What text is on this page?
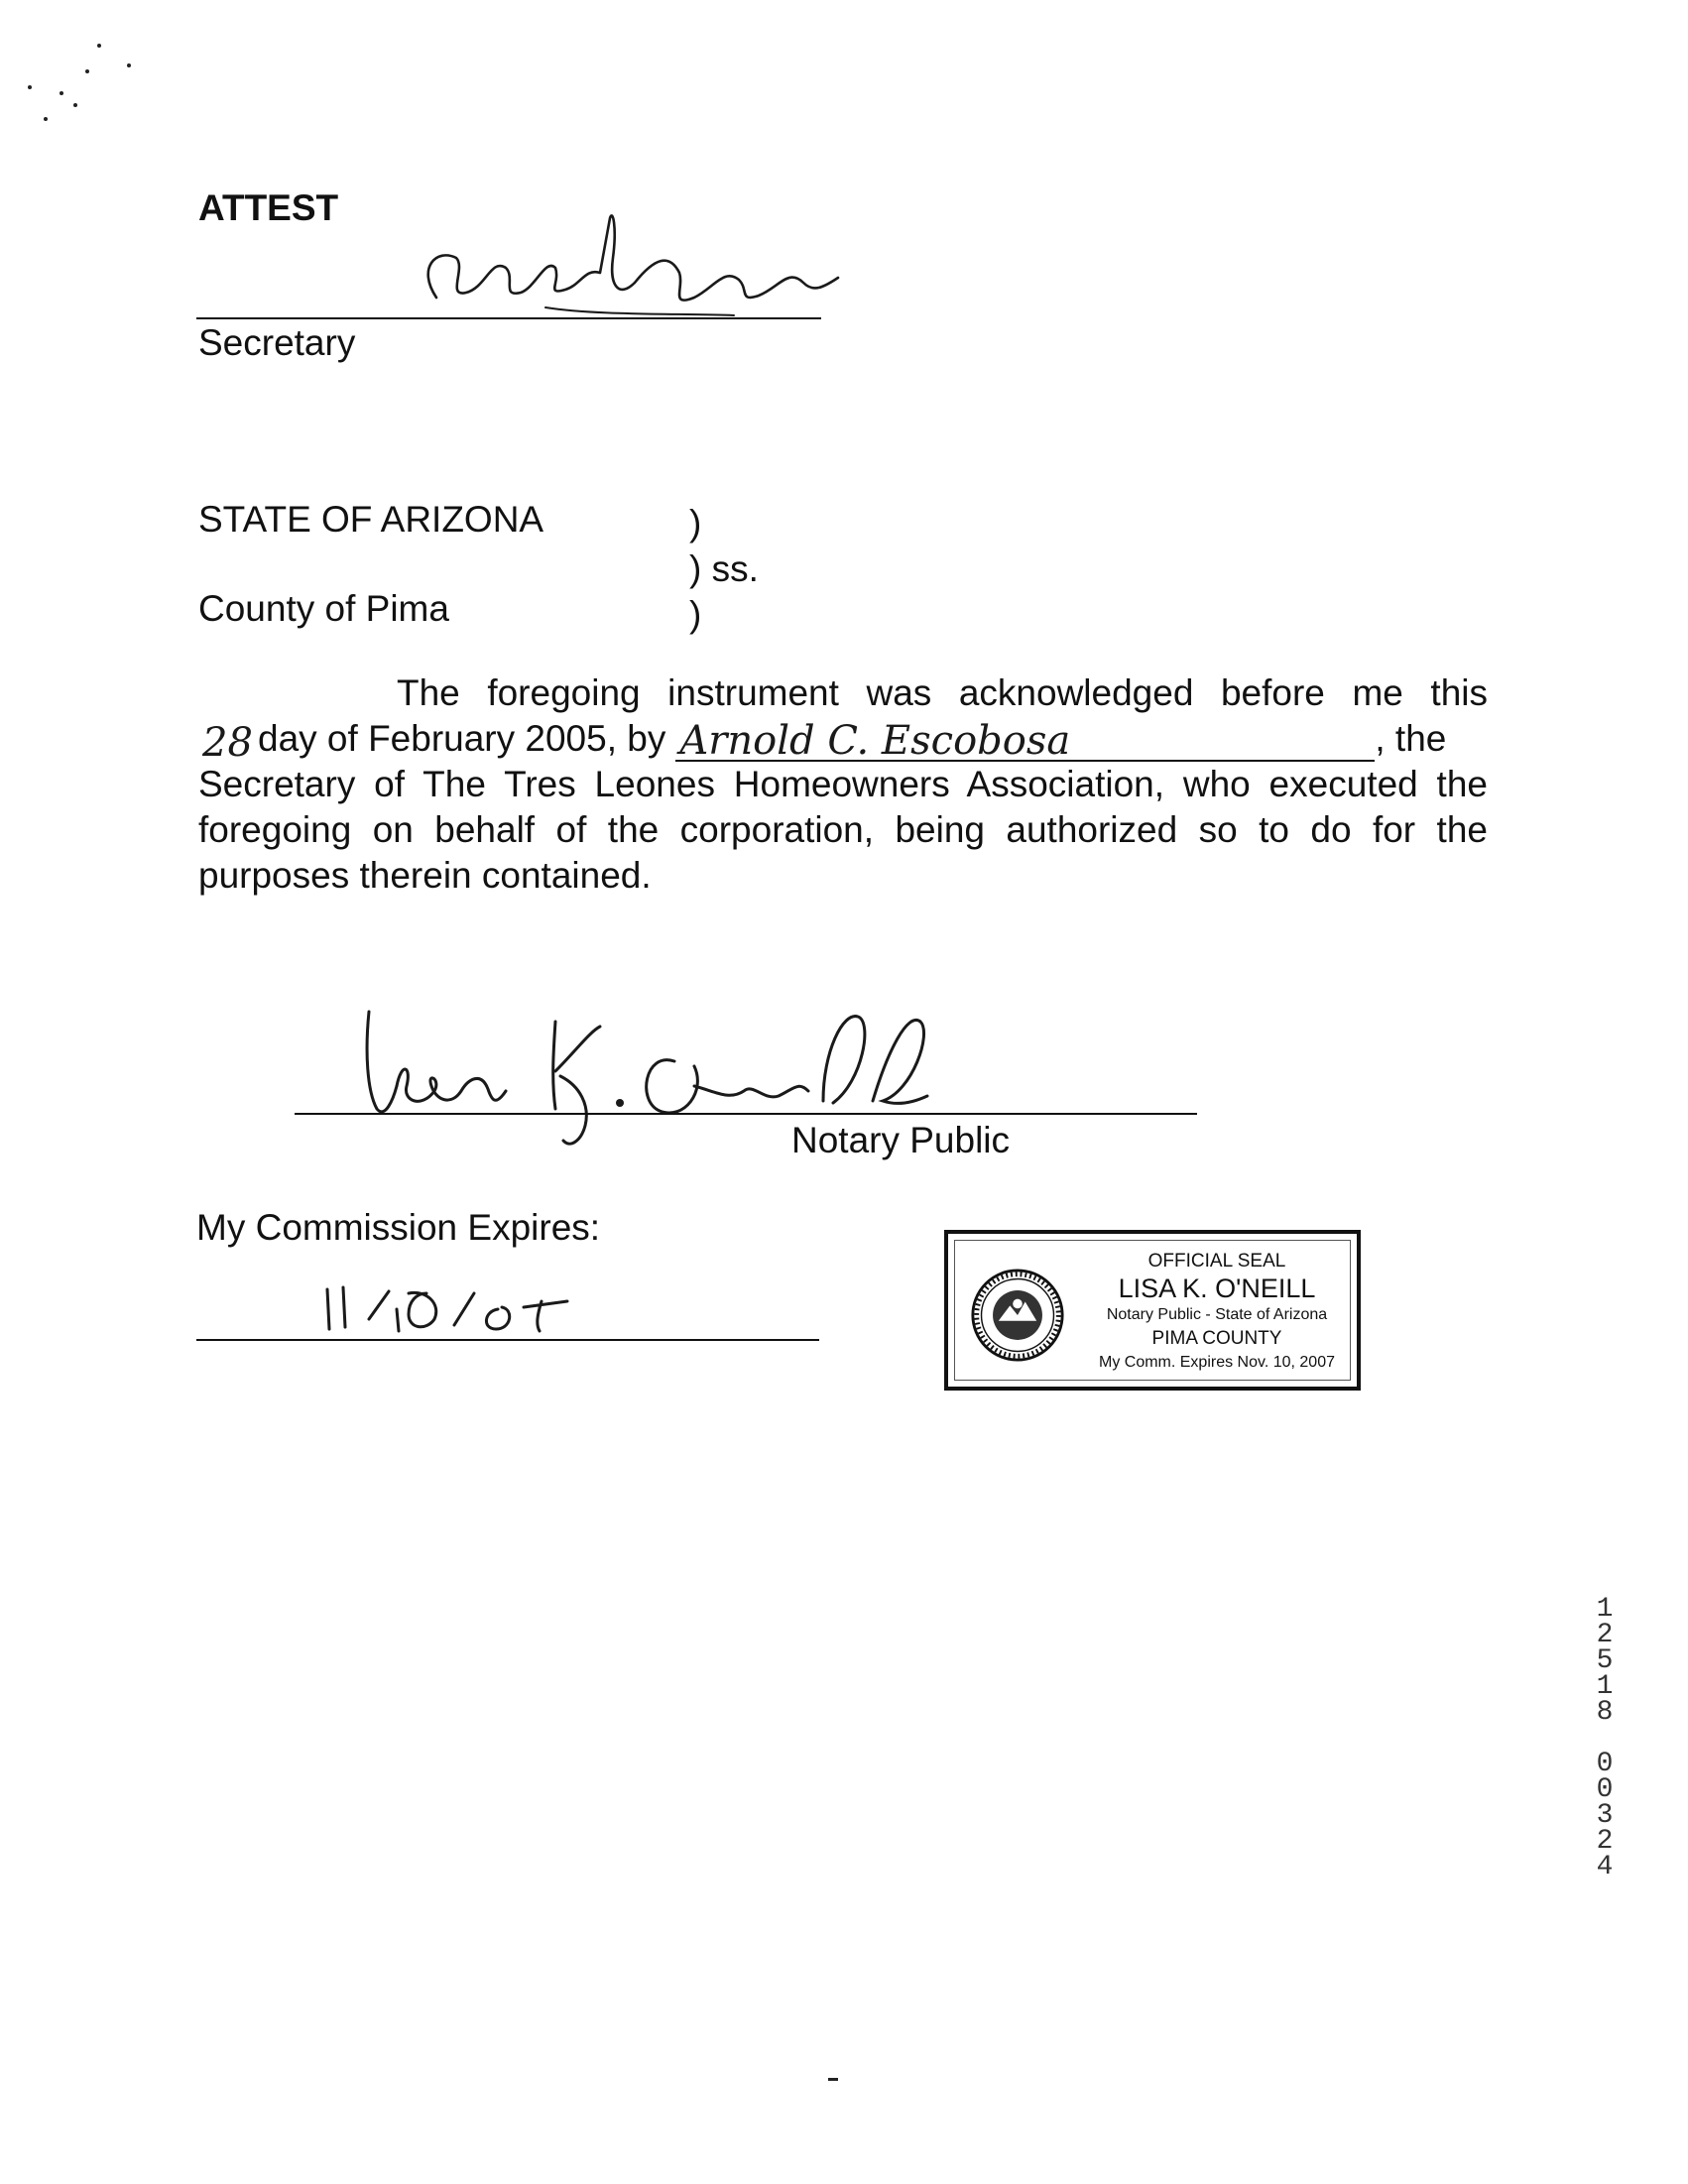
ATTEST
Secretary
STATE OF ARIZONA	)
) ss.
County of Pima	)
The foregoing instrument was acknowledged before me this
28 day of February 2005, by Arnold C. Escobosa	, the
Secretary of The Tres Leones Homeowners Association, who executed the
foregoing on behalf of the corporation, being authorized so to do for the
purposes therein contained.
Notary Public
My Commission Expires:
OFFICIAL SEAL
LISA K. O'NEILL
Notary Public - State of Arizona
PIMA COUNTY
My Comm. Expires Nov. 10, 2007
1
2
5
1
8

0
0
3
2
4
